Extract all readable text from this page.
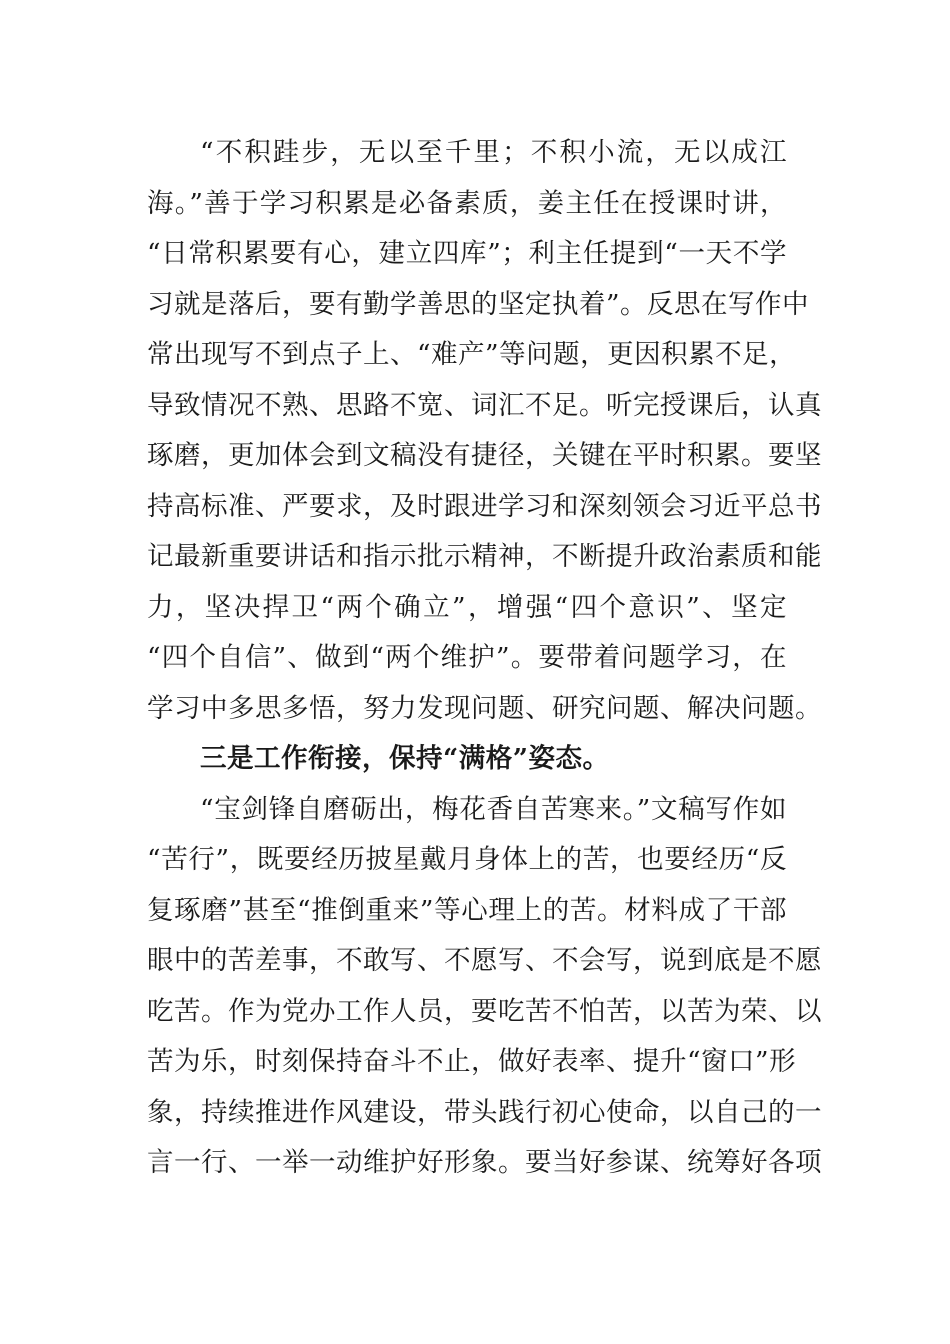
“不积跬步，无以至千里；不积小流，无以成江
海。”善于学习积累是必备素质，姜主任在授课时讲，
“日常积累要有心，建立四库”；利主任提到“一天不学
习就是落后，要有勤学善思的坚定执着”。反思在写作中
常出现写不到点子上、“难产”等问题，更因积累不足，
导致情况不熟、思路不宽、词汇不足。听完授课后，认真
琢磨，更加体会到文稿没有捷径，关键在平时积累。要坚
持高标准、严要求，及时跟进学习和深刻领会习近平总书
记最新重要讲话和指示批示精神，不断提升政治素质和能
力，坚决捍卫“两个确立”，增强“四个意识”、坚定
“四个自信”、做到“两个维护”。要带着问题学习，在
学习中多思多悟，努力发现问题、研究问题、解决问题。
三是工作衔接，保持“满格”姿态。
“宝剑锋自磨砺出，梅花香自苦寒来。”文稿写作如
“苦行”，既要经历披星戴月身体上的苦，也要经历“反
复琢磨”甚至“推倒重来”等心理上的苦。材料成了干部
眼中的苦差事，不敢写、不愿写、不会写，说到底是不愿
吃苦。作为党办工作人员，要吃苦不怕苦，以苦为荣、以
苦为乐，时刻保持奋斗不止，做好表率、提升“窗口”形
象，持续推进作风建设，带头践行初心使命，以自己的一
言一行、一举一动维护好形象。要当好参谋、统筹好各项
